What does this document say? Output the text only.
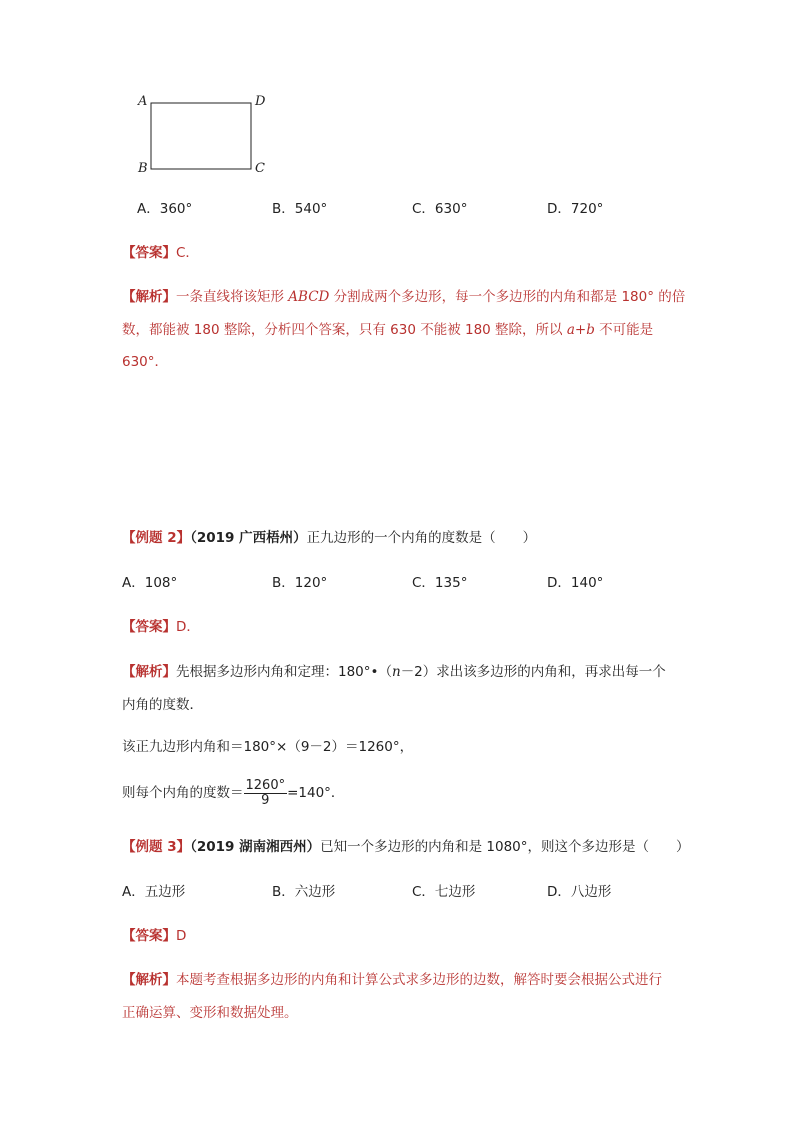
A	D
B	C
A．360°	B．540°	C．630°	D．720°
【答案】C．
【解析】一条直线将该矩形 ABCD 分割成两个多边形，每一个多边形的内角和都是 180° 的倍
数，都能被 180 整除，分析四个答案，只有 630 不能被 180 整除，所以 a+b 不可能是
630°．
【例题 2】（2019 广西梧州）正九边形的一个内角的度数是（　　）
A．108°	B．120°	C．135°	D．140°
【答案】D．
【解析】先根据多边形内角和定理：180°•（n－2）求出该多边形的内角和，再求出每一个
内角的度数．
该正九边形内角和＝180°×（9－2）＝1260°，
则每个内角的度数＝ $\frac{1260^\circ}{9} =140^\circ$．
【例题 3】（2019 湖南湘西州）已知一个多边形的内角和是 1080°，则这个多边形是（　　）
A．五边形	B．六边形	C．七边形	D．八边形
【答案】D
【解析】本题考查根据多边形的内角和计算公式求多边形的边数，解答时要会根据公式进行
正确运算、变形和数据处理。
